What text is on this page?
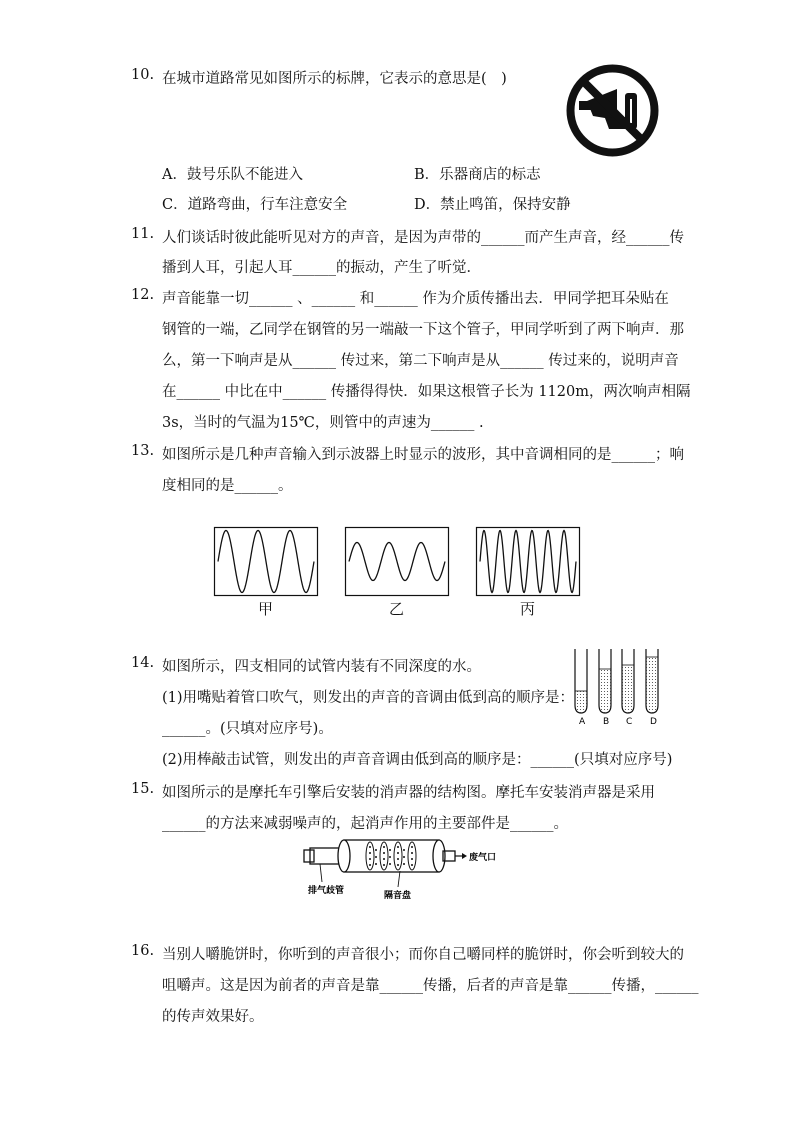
10. 在城市道路常见如图所示的标牌，它表示的意思是(　)
A．鼓号乐队不能进入	B．乐器商店的标志
C．道路弯曲，行车注意安全	D．禁止鸣笛，保持安静
11. 人们谈话时彼此能听见对方的声音，是因为声带的______而产生声音，经______传
播到人耳，引起人耳______的振动，产生了听觉．
12. 声音能靠一切______ 、______ 和______ 作为介质传播出去．甲同学把耳朵贴在
钢管的一端，乙同学在钢管的另一端敲一下这个管子，甲同学听到了两下响声．那
么，第一下响声是从______ 传过来，第二下响声是从______ 传过来的，说明声音
在______ 中比在中______ 传播得得快．如果这根管子长为 1120m，两次响声相隔
3s，当时的气温为15℃，则管中的声速为______ .
13. 如图所示是几种声音输入到示波器上时显示的波形，其中音调相同的是______；响
度相同的是______。
甲	乙	丙
14. 如图所示，四支相同的试管内装有不同深度的水。
(1)用嘴贴着管口吹气，则发出的声音的音调由低到高的顺序是：
______。(只填对应序号)。
(2)用棒敲击试管，则发出的声音音调由低到高的顺序是：______(只填对应序号)
A B C D
15. 如图所示的是摩托车引擎后安装的消声器的结构图。摩托车安装消声器是采用
______的方法来减弱噪声的，起消声作用的主要部件是______。
废气口
排气歧管	隔音盘
16. 当别人嚼脆饼时，你听到的声音很小；而你自己嚼同样的脆饼时，你会听到较大的
咀嚼声。这是因为前者的声音是靠______传播，后者的声音是靠______传播，______
的传声效果好。
